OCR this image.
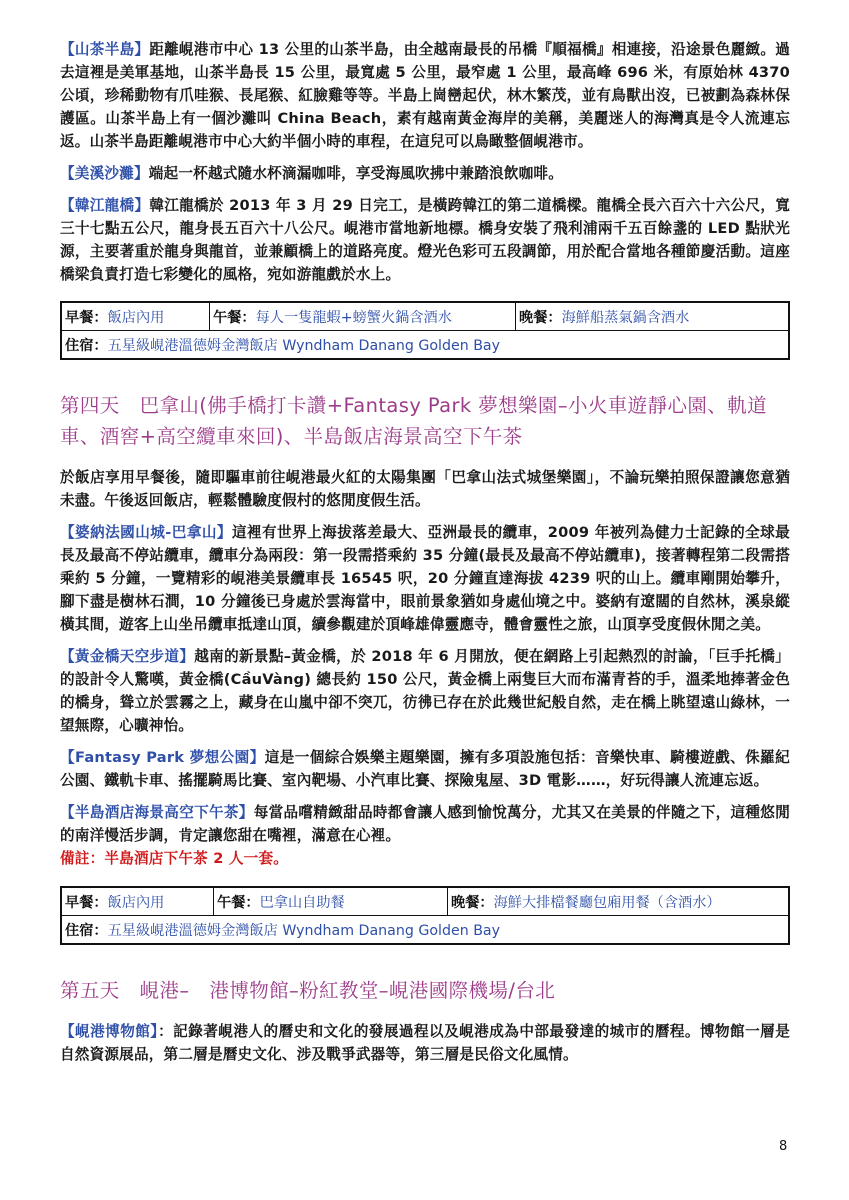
【山茶半島】距離峴港市中心 13 公里的山茶半島，由全越南最長的吊橋『順福橋』相連接，沿途景色麗緻。過去這裡是美軍基地，山茶半島長 15 公里，最寬處 5 公里，最窄處 1 公里，最高峰 696 米，有原始林 4370 公頃，珍稀動物有爪哇猴、長尾猴、紅臉雞等等。半島上崗巒起伏，林木繁茂，並有鳥獸出沒，已被劃為森林保護區。山茶半島上有一個沙灘叫 China Beach，素有越南黃金海岸的美稱，美麗迷人的海灣真是令人流連忘返。山茶半島距離峴港市中心大約半個小時的車程，在這兒可以鳥瞰整個峴港市。

【美溪沙灘】端起一杯越式隨水杯滴漏咖啡，享受海風吹拂中兼踏浪飲咖啡。

【韓江龍橋】韓江龍橋於 2013 年 3 月 29 日完工，是橫跨韓江的第二道橋樑。龍橋全長六百六十六公尺，寬三十七點五公尺，龍身長五百六十八公尺。峴港市當地新地標。橋身安裝了飛利浦兩千五百餘盞的 LED 點狀光源，主要著重於龍身與龍首，並兼顧橋上的道路亮度。燈光色彩可五段調節，用於配合當地各種節慶活動。這座橋梁負責打造七彩變化的風格，宛如游龍戲於水上。

早餐：飯店內用	午餐：每人一隻龍蝦+螃蟹火鍋含酒水	晚餐：海鮮船蒸氣鍋含酒水
住宿：五星級峴港溫德姆金灣飯店 Wyndham Danang Golden Bay
第四天　巴拿山(佛手橋打卡讚+Fantasy Park 夢想樂園–小火車遊靜心園、軌道車、酒窖+高空纜車來回)、半島飯店海景高空下午茶

於飯店享用早餐後，隨即驅車前往峴港最火紅的太陽集團「巴拿山法式城堡樂園」，不論玩樂拍照保證讓您意猶未盡。午後返回飯店，輕鬆體驗度假村的悠閒度假生活。

【婆納法國山城-巴拿山】這裡有世界上海拔落差最大、亞洲最長的纜車，2009 年被列為健力士記錄的全球最長及最高不停站纜車，纜車分為兩段：第一段需搭乘約 35 分鐘(最長及最高不停站纜車)，接著轉程第二段需搭乘約 5 分鐘，一覽精彩的峴港美景纜車長 16545 呎，20 分鐘直達海拔 4239 呎的山上。纜車剛開始攀升，腳下盡是樹林石澗，10 分鐘後已身處於雲海當中，眼前景象猶如身處仙境之中。婆納有遼闊的自然林，溪泉縱橫其間，遊客上山坐吊纜車抵達山頂，續參觀建於頂峰雄偉靈應寺，體會靈性之旅，山頂享受度假休閒之美。

【黃金橋天空步道】越南的新景點–黃金橋，於 2018 年 6 月開放，便在網路上引起熱烈的討論，「巨手托橋」的設計令人驚嘆，黃金橋(CầuVàng) 總長約 150 公尺，黃金橋上兩隻巨大而布滿青苔的手，溫柔地捧著金色的橋身，聳立於雲霧之上，藏身在山嵐中卻不突兀，彷彿已存在於此幾世紀般自然，走在橋上眺望遠山綠林，一望無際，心曠神怡。

【Fantasy Park 夢想公園】這是一個綜合娛樂主題樂園，擁有多項設施包括：音樂快車、騎樓遊戲、侏羅紀公園、鐵軌卡車、搖擺騎馬比賽、室內靶場、小汽車比賽、探險鬼屋、3D 電影……，好玩得讓人流連忘返。

【半島酒店海景高空下午茶】每當品嚐精緻甜品時都會讓人感到愉悅萬分，尤其又在美景的伴隨之下，這種悠閒的南洋慢活步調，肯定讓您甜在嘴裡，滿意在心裡。

備註：半島酒店下午茶 2 人一套。

早餐：飯店內用	午餐：巴拿山自助餐	晚餐：海鮮大排檔餐廳包廂用餐（含酒水）
住宿：五星級峴港溫德姆金灣飯店 Wyndham Danang Golden Bay
第五天　峴港–　港博物館–粉紅教堂–峴港國際機場/台北

【峴港博物館】：記錄著峴港人的曆史和文化的發展過程以及峴港成為中部最發達的城市的曆程。博物館一層是自然資源展品，第二層是曆史文化、涉及戰爭武器等，第三層是民俗文化風情。

8
